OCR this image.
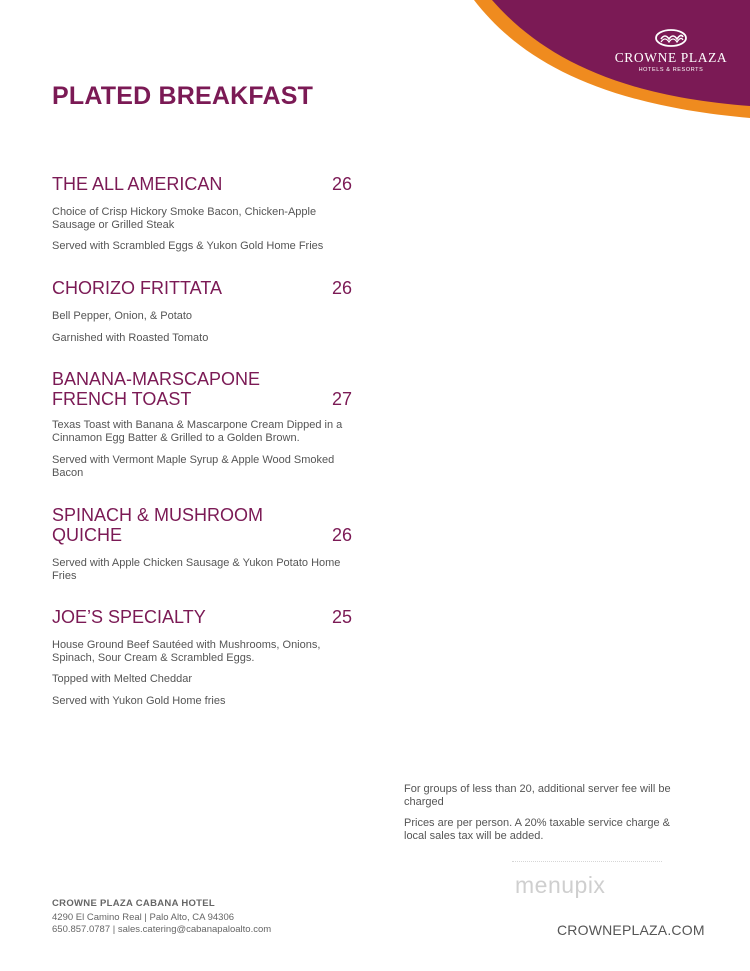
CROWNE PLAZA
HOTELS & RESORTS
PLATED BREAKFAST
THE ALL AMERICAN	26

Choice of Crisp Hickory Smoke Bacon, Chicken-Apple Sausage or Grilled Steak

Served with Scrambled Eggs & Yukon Gold Home Fries

CHORIZO FRITTATA	26

Bell Pepper, Onion, & Potato

Garnished with Roasted Tomato

BANANA-MARSCAPONE FRENCH TOAST	27

Texas Toast with Banana & Mascarpone Cream Dipped in a Cinnamon Egg Batter & Grilled to a Golden Brown.

Served with Vermont Maple Syrup & Apple Wood Smoked Bacon

SPINACH & MUSHROOM QUICHE	26

Served with Apple Chicken Sausage & Yukon Potato Home Fries

JOE’S SPECIALTY	25

House Ground Beef Sautéed with Mushrooms, Onions, Spinach, Sour Cream & Scrambled Eggs.

Topped with Melted Cheddar

Served with Yukon Gold Home fries

For groups of less than 20, additional server fee will be charged

Prices are per person. A 20% taxable service charge & local sales tax will be added.

menupix
CROWNE PLAZA CABANA HOTEL
4290 El Camino Real | Palo Alto, CA 94306
650.857.0787 | sales.catering@cabanapaloalto.com	CROWNEPLAZA.COM
